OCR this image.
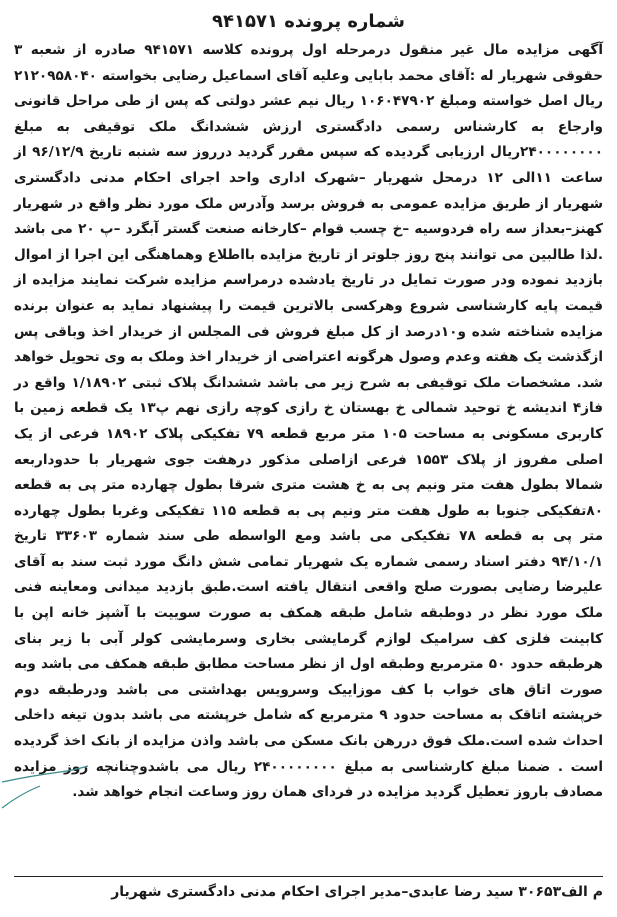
شماره پرونده ۹۴۱۵۷۱

آگهی مزایده مال غیر منقول درمرحله اول پرونده کلاسه ۹۴۱۵۷۱ صادره از شعبه ۳ حقوقی شهریار له :آقای محمد بابایی وعلیه آقای اسماعیل رضایی بخواسته ۲۱۲۰۹۵۸۰۴۰ ریال اصل خواسته ومبلغ ۱۰۶۰۴۷۹۰۲ ریال نیم عشر دولتی که پس از طی مراحل قانونی وارجاع به کارشناس رسمی دادگستری ارزش ششدانگ ملک توقیفی به مبلغ ۲۴۰۰۰۰۰۰۰۰ریال ارزیابی گردیده که سپس مقرر گردید درروز سه شنبه تاریخ ۹۶/۱۲/۹ از ساعت ۱۱الی ۱۲ درمحل شهریار –شهرک اداری واحد اجرای احکام مدنی دادگستری شهریار از طریق مزایده عمومی به فروش برسد وآدرس ملک مورد نظر واقع در شهریار کهنز–بعداز سه راه فردوسیه –خ چسب قوام –کارخانه صنعت گستر آبگرد –پ ۲۰ می باشد .لذا طالبین می توانند پنج روز جلوتر از تاریخ مزایده بااطلاع وهماهنگی این اجرا از اموال بازدید نموده ودر صورت تمایل در تاریخ یادشده درمراسم مزایده شرکت نمایند مزایده از قیمت پایه کارشناسی شروع وهرکسی بالاترین قیمت را پیشنهاد نماید به عنوان برنده مزایده شناخته شده و۱۰درصد از کل مبلغ فروش فی المجلس از خریدار اخذ وباقی پس ازگذشت یک هفته وعدم وصول هرگونه اعتراضی از خریدار اخذ وملک به وی تحویل خواهد شد. مشخصات ملک توقیفی به شرح زیر می باشد ششدانگ پلاک ثبتی ۱/۱۸۹۰۲ واقع در فاز۴ اندیشه خ توحید شمالی خ بهستان خ رازی کوچه رازی نهم پ۱۳ یک قطعه زمین با کاربری مسکونی به مساحت ۱۰۵ متر مربع قطعه ۷۹ تفکیکی پلاک ۱۸۹۰۲ فرعی از یک اصلی مفروز از پلاک ۱۵۵۳ فرعی ازاصلی مذکور درهفت جوی شهریار با حدوداربعه شمالا بطول هفت متر ونیم پی به خ هشت متری شرقا بطول چهارده متر پی به قطعه ۸۰تفکیکی جنوبا به طول هفت متر ونیم پی به قطعه ۱۱۵ تفکیکی وغربا بطول چهارده متر پی به قطعه ۷۸ تفکیکی می باشد ومع الواسطه طی سند شماره ۳۳۶۰۳ تاریخ ۹۴/۱۰/۱ دفتر اسناد رسمی شماره یک شهریار تمامی شش دانگ مورد ثبت سند به آقای علیرضا رضایی بصورت صلح واقعی انتقال یافته است.طبق بازدید میدانی ومعاینه فنی ملک مورد نظر در دوطبقه شامل طبقه همکف به صورت سوییت با آشپز خانه اپن با کابینت فلزی کف سرامیک لوازم گرمایشی بخاری وسرمایشی کولر آبی با زیر بنای هرطبقه حدود ۵۰ مترمربع وطبقه اول از نظر مساحت مطابق طبقه همکف می باشد وبه صورت اتاق های خواب با کف موزاییک وسرویس بهداشتی می باشد ودرطبقه دوم خرپشته اتاقک به مساحت حدود ۹ مترمربع که شامل خرپشته می باشد بدون تیغه داخلی احداث شده است.ملک فوق دررهن بانک مسکن می باشد واذن مزایده از بانک اخذ گردیده است . ضمنا مبلغ کارشناسی به مبلغ ۲۴۰۰۰۰۰۰۰۰ ریال می باشدوچنانچه روز مزایده مصادف باروز تعطیل گردید مزایده در فردای همان روز وساعت انجام خواهد شد.

م الف۳۰۶۵۳ سید رضا عابدی–مدیر اجرای احکام مدنی دادگستری شهریار
